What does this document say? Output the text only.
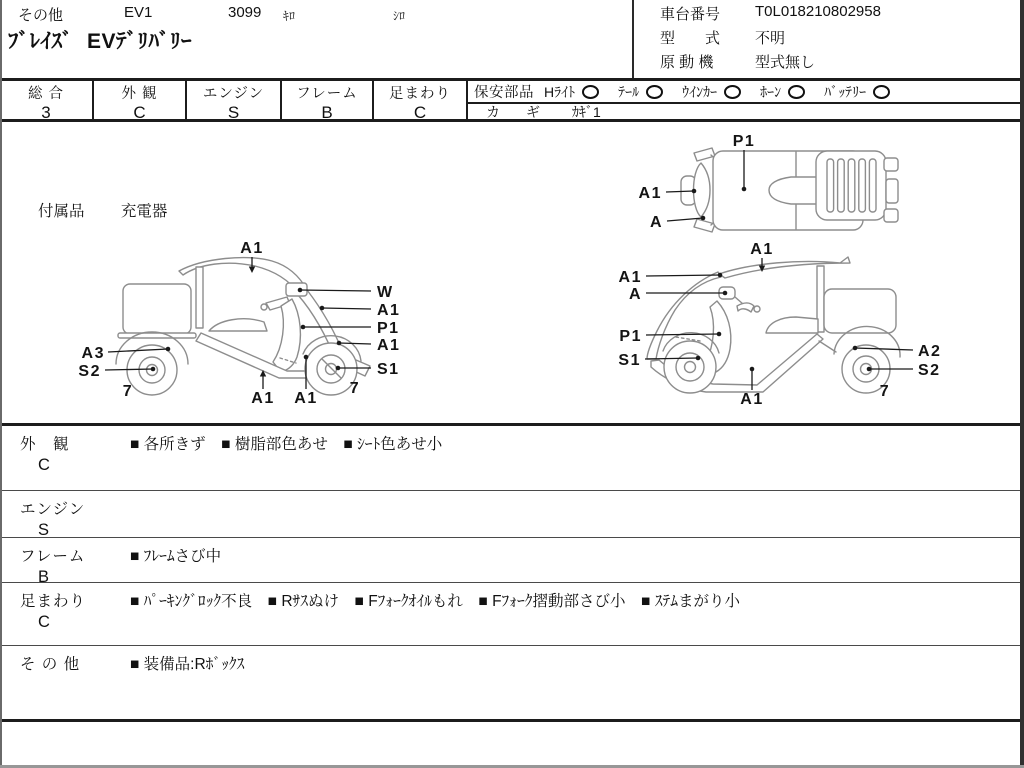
その他	EV1	3099 ｷﾛ	ｼﾛ
ﾌﾞﾚｲｽﾞ EVﾃﾞﾘﾊﾞﾘｰ
車台番号 T0L018210802958
型　　式 不明
原 動 機	型式無し
総 合
3
外 観
C
エンジン
S
フレーム
B
足まわり
C
保安部品 Hﾗｲﾄ	ﾃｰﾙ	ｳｲﾝｶｰ	ﾎｰﾝ	ﾊﾞｯﾃﾘｰ
カ　ギ ｶｷﾞ1
付属品 充電器
A1
W
A1
P1
A1
S1
A3
S2
7	7
A1 A1
P1
A1
A
A1
A1
A
P1
S1
A1
A2
S2
7
外　観
C
■ 各所きず　■ 樹脂部色あせ　■ ｼｰﾄ色あせ小
エンジン
S
フレーム
B
■ ﾌﾚｰﾑさび中
足まわり
C
■ ﾊﾟｰｷﾝｸﾞﾛｯｸ不良　■ Rｻｽぬけ　■ Fﾌｫｰｸｵｲﾙもれ　■ Fﾌｫｰｸ摺動部さび小　■ ｽﾃﾑまがり小
そ の 他	■ 装備品:Rﾎﾞｯｸｽ
